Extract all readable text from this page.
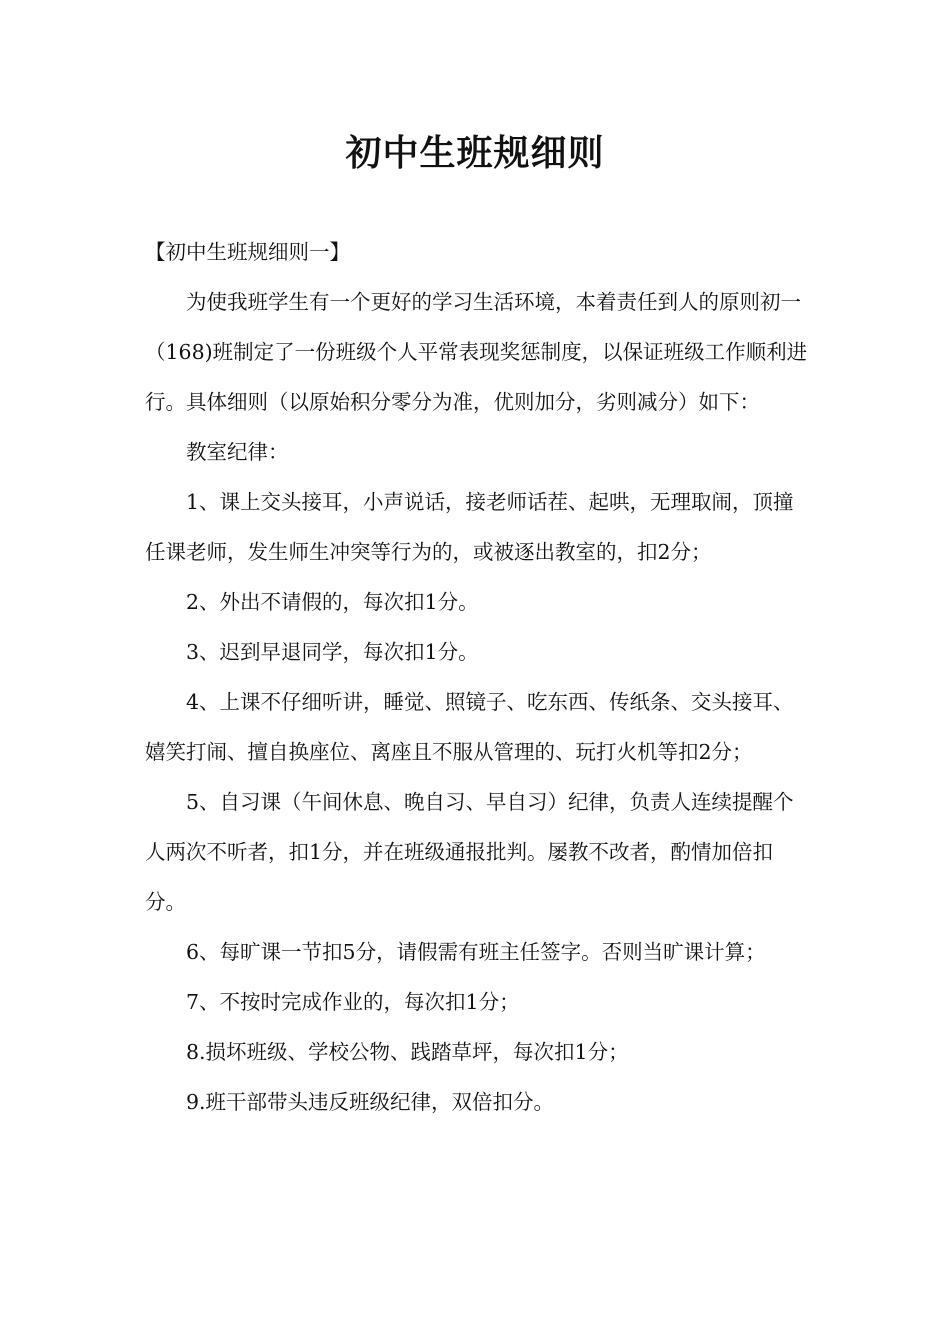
初中生班规细则

【初中生班规细则一】

为使我班学生有一个更好的学习生活环境，本着责任到人的原则初一（168)班制定了一份班级个人平常表现奖惩制度，以保证班级工作顺利进行。具体细则（以原始积分零分为准，优则加分，劣则减分）如下：

教室纪律：

1、课上交头接耳，小声说话，接老师话茬、起哄，无理取闹，顶撞任课老师，发生师生冲突等行为的，或被逐出教室的，扣2分；

2、外出不请假的，每次扣1分。

3、迟到早退同学，每次扣1分。

4、上课不仔细听讲，睡觉、照镜子、吃东西、传纸条、交头接耳、嬉笑打闹、擅自换座位、离座且不服从管理的、玩打火机等扣2分；

5、自习课（午间休息、晚自习、早自习）纪律，负责人连续提醒个人两次不听者，扣1分，并在班级通报批判。屡教不改者，酌情加倍扣分。

6、每旷课一节扣5分，请假需有班主任签字。否则当旷课计算；

7、不按时完成作业的，每次扣1分；

8.损坏班级、学校公物、践踏草坪，每次扣1分；

9.班干部带头违反班级纪律，双倍扣分。
